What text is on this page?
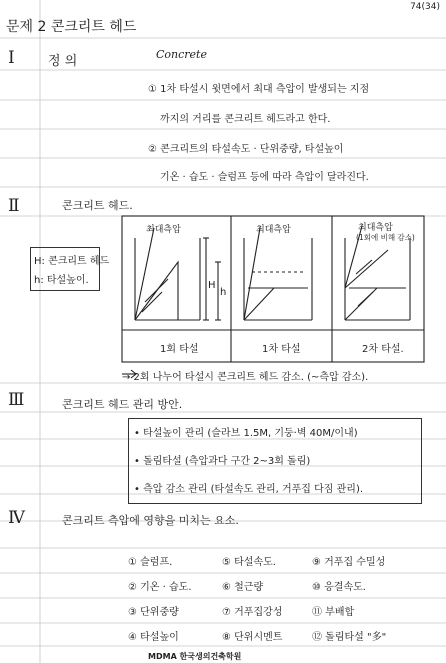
74(34)
문제 2 콘크리트 헤드
Ⅰ	정 의	Concrete
① 1차 타설시 윗면에서 최대 측압이 발생되는 지점
까지의 거리를 콘크리트 헤드라고 한다.
② 콘크리트의 타설속도 · 단위중량, 타설높이
기온 · 습도 · 슬럼프 등에 따라 측압이 달라진다.
Ⅱ	콘크리트 헤드.
H: 콘크리트 헤드
h: 타설높이.
최대측압	최대측압	최대측압
(1회에 비해 감소)
H
h
1회 타설	1차 타설	2차 타설.
→ 2회 나누어 타설시 콘크리트 헤드 감소. (~측압 감소).
Ⅲ	콘크리트 헤드 관리 방안.
• 타설높이 관리 (슬라브 1.5M, 기둥·벽 40M/이내)
• 돌림타설 (측압과다 구간 2~3회 돌림)
• 측압 감소 관리 (타설속도 관리, 거푸집 다짐 관리).
Ⅳ	콘크리트 측압에 영향을 미치는 요소.
① 슬럼프.	⑤ 타설속도.	⑨ 거푸집 수밀성
② 기온 · 습도.	⑥ 철근량	⑩ 응결속도.
③ 단위중량	⑦ 거푸집강성	⑪ 부배합
④ 타설높이	⑧ 단위시멘트	⑫ 돌림타설 "多"
MDMA 한국생의건축학원
